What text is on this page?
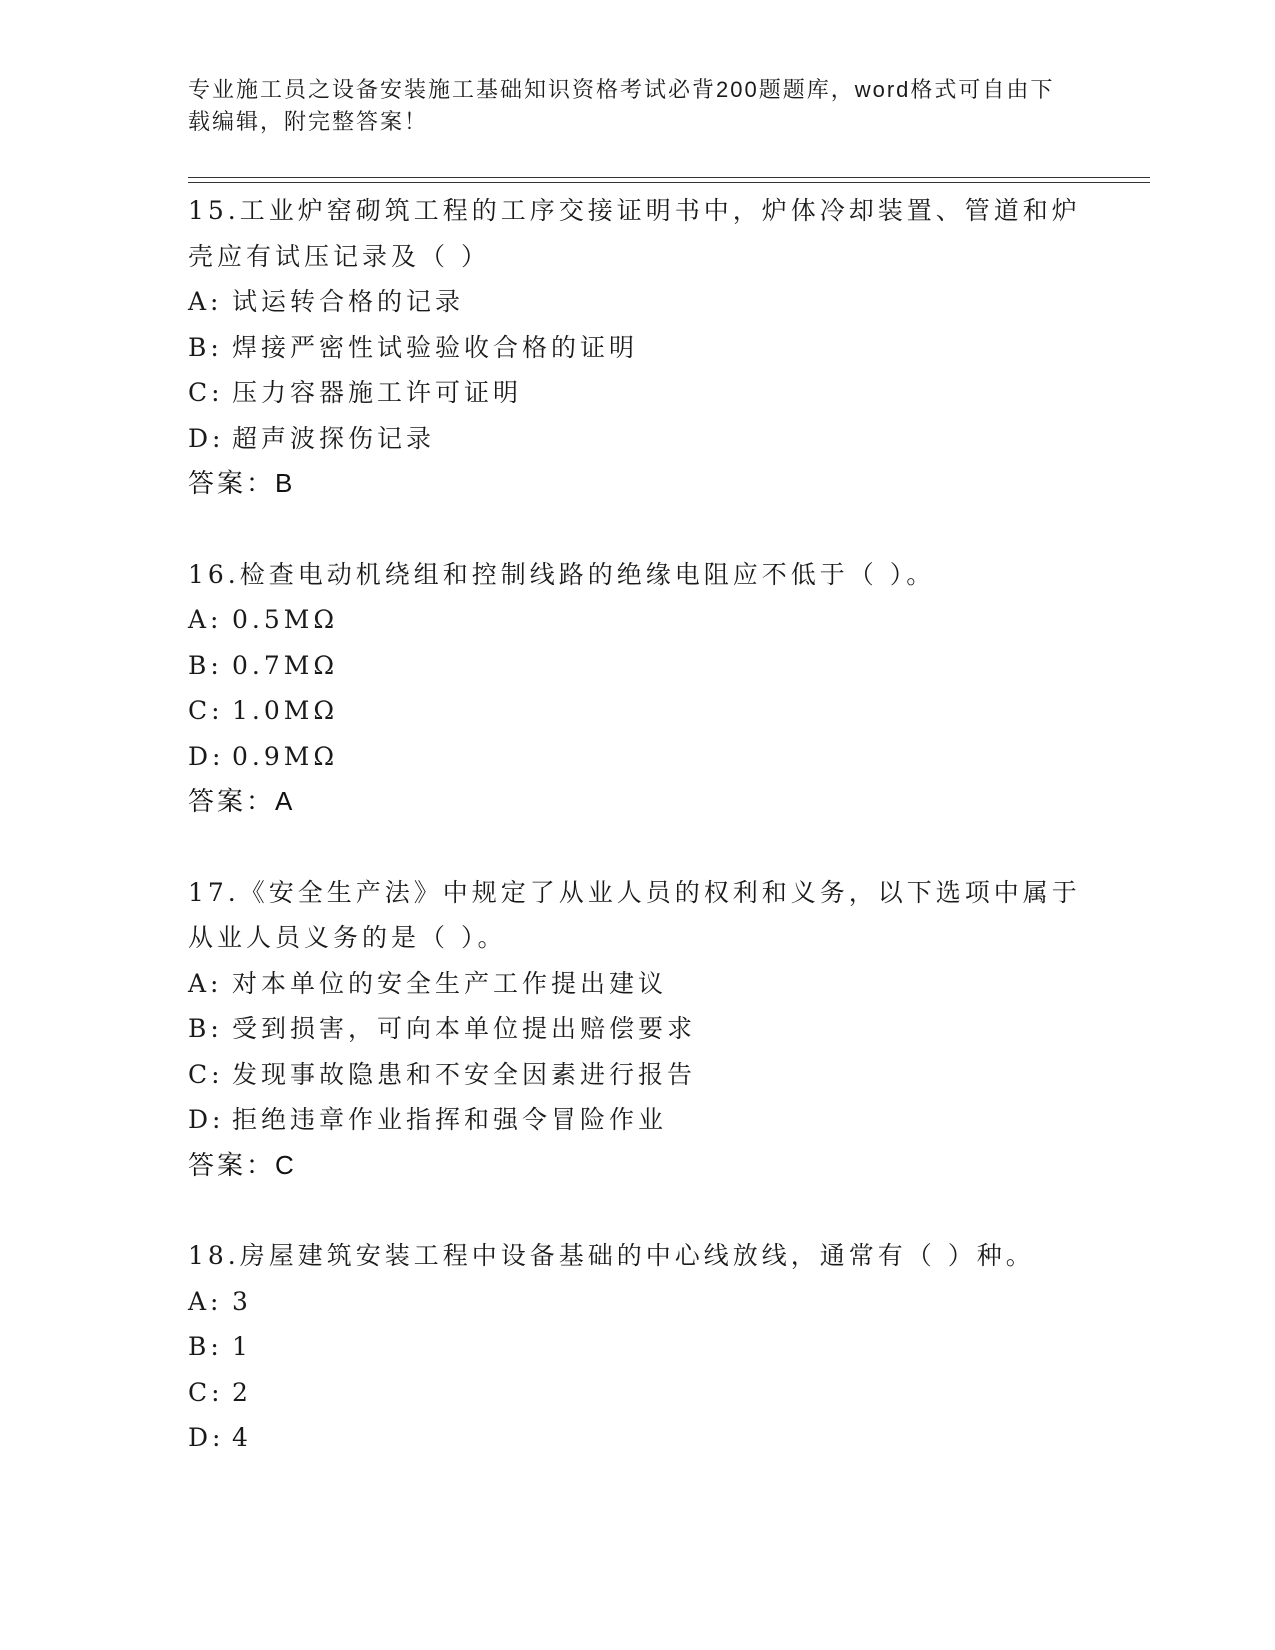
专业施工员之设备安装施工基础知识资格考试必背200题题库，word格式可自由下载编辑，附完整答案！
15.工业炉窑砌筑工程的工序交接证明书中，炉体冷却装置、管道和炉壳应有试压记录及（ ）
A: 试运转合格的记录
B: 焊接严密性试验验收合格的证明
C: 压力容器施工许可证明
D: 超声波探伤记录
答案：B
16.检查电动机绕组和控制线路的绝缘电阻应不低于（ ）。
A: 0.5MΩ
B: 0.7MΩ
C: 1.0MΩ
D: 0.9MΩ
答案：A
17.《安全生产法》中规定了从业人员的权利和义务，以下选项中属于从业人员义务的是（ ）。
A: 对本单位的安全生产工作提出建议
B: 受到损害，可向本单位提出赔偿要求
C: 发现事故隐患和不安全因素进行报告
D: 拒绝违章作业指挥和强令冒险作业
答案：C
18.房屋建筑安装工程中设备基础的中心线放线，通常有（ ）种。
A: 3
B: 1
C: 2
D: 4
